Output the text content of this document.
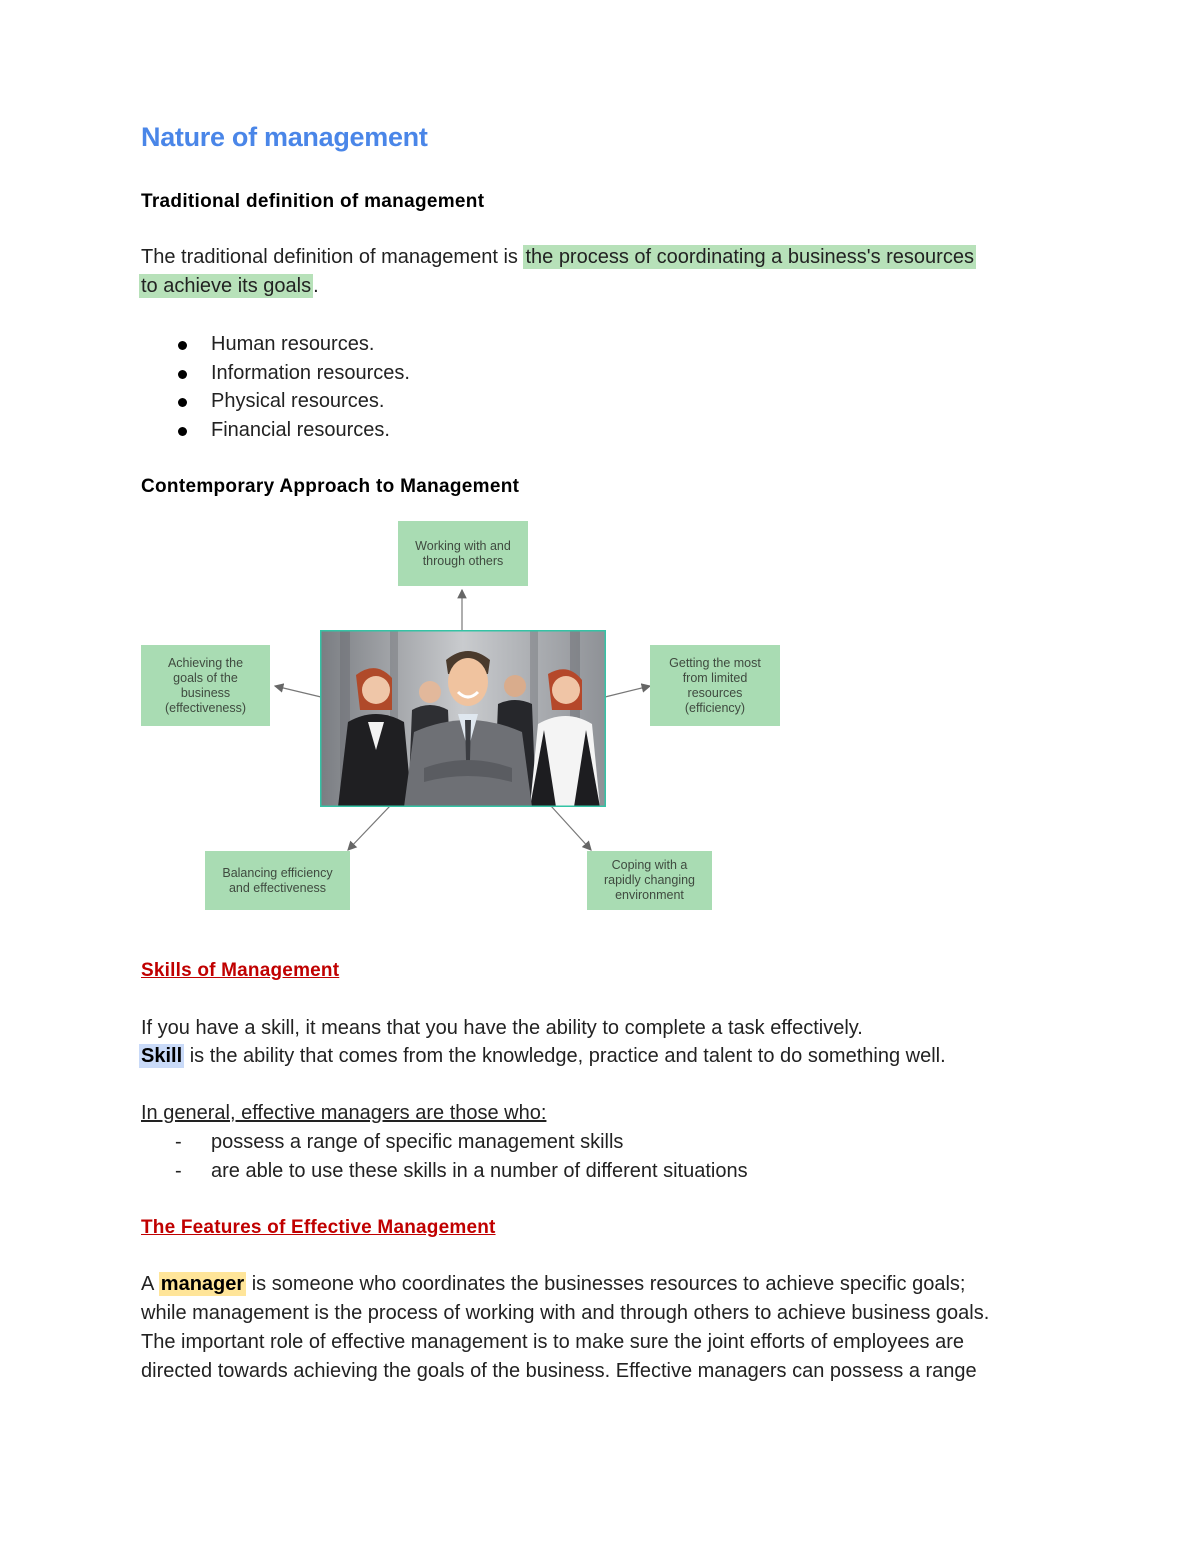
Nature of management
Traditional definition of management
The traditional definition of management is the process of coordinating a business's resources
to achieve its goals .
Human resources.
Information resources.
Physical resources.
Financial resources.
Contemporary Approach to Management
Working with and through others
Achieving the goals of the business (effectiveness)
Getting the most from limited resources (efficiency)
Balancing efficiency and effectiveness
Coping with a rapidly changing environment
Skills of Management
If you have a skill, it means that you have the ability to complete a task effectively.
Skill is the ability that comes from the knowledge, practice and talent to do something well.
In general, effective managers are those who:
- possess a range of specific management skills
- are able to use these skills in a number of different situations
The Features of Effective Management

A manager is someone who coordinates the businesses resources to achieve specific goals;

while management is the process of working with and through others to achieve business goals.

The important role of effective management is to make sure the joint efforts of employees are

directed towards achieving the goals of the business. Effective managers can possess a range
